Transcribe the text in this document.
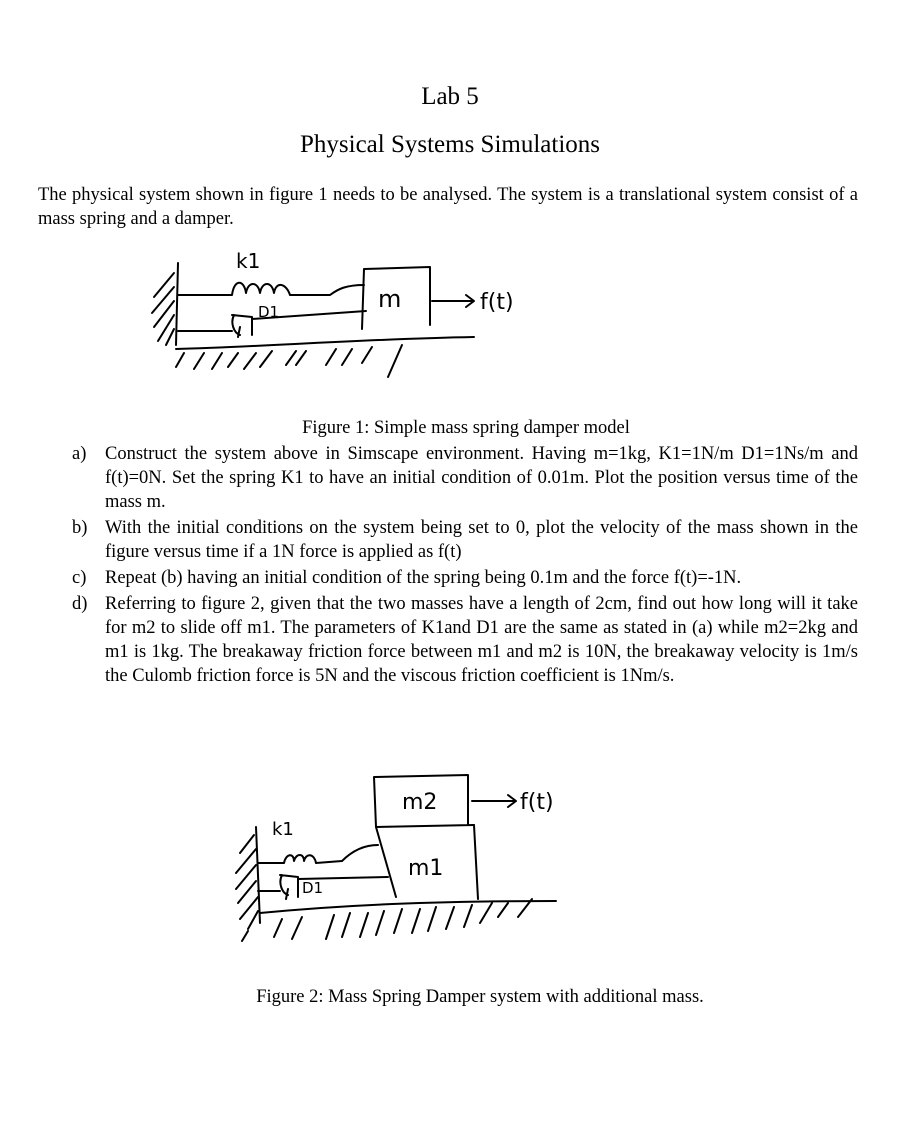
Lab 5
Physical Systems Simulations
The physical system shown in figure 1 needs to be analysed. The system is a translational system consist of a mass spring and a damper.
k1
D1	m	f(t)
Figure 1: Simple mass spring damper model
a) Construct the system above in Simscape environment. Having m=1kg, K1=1N/m D1=1Ns/m and f(t)=0N. Set the spring K1 to have an initial condition of 0.01m. Plot the position versus time of the mass m.
b) With the initial conditions on the system being set to 0, plot the velocity of the mass shown in the figure versus time if a 1N force is applied as f(t)
c) Repeat (b) having an initial condition of the spring being 0.1m and the force f(t)=-1N.
d) Referring to figure 2, given that the two masses have a length of 2cm, find out how long will it take for m2 to slide off m1. The parameters of K1and D1 are the same as stated in (a) while m2=2kg and m1 is 1kg. The breakaway friction force between m1 and m2 is 10N, the breakaway velocity is 1m/s the Culomb friction force is 5N and the viscous friction coefficient is 1Nm/s.
k1
D1
m2
m1
f(t)
Figure 2: Mass Spring Damper system with additional mass.
